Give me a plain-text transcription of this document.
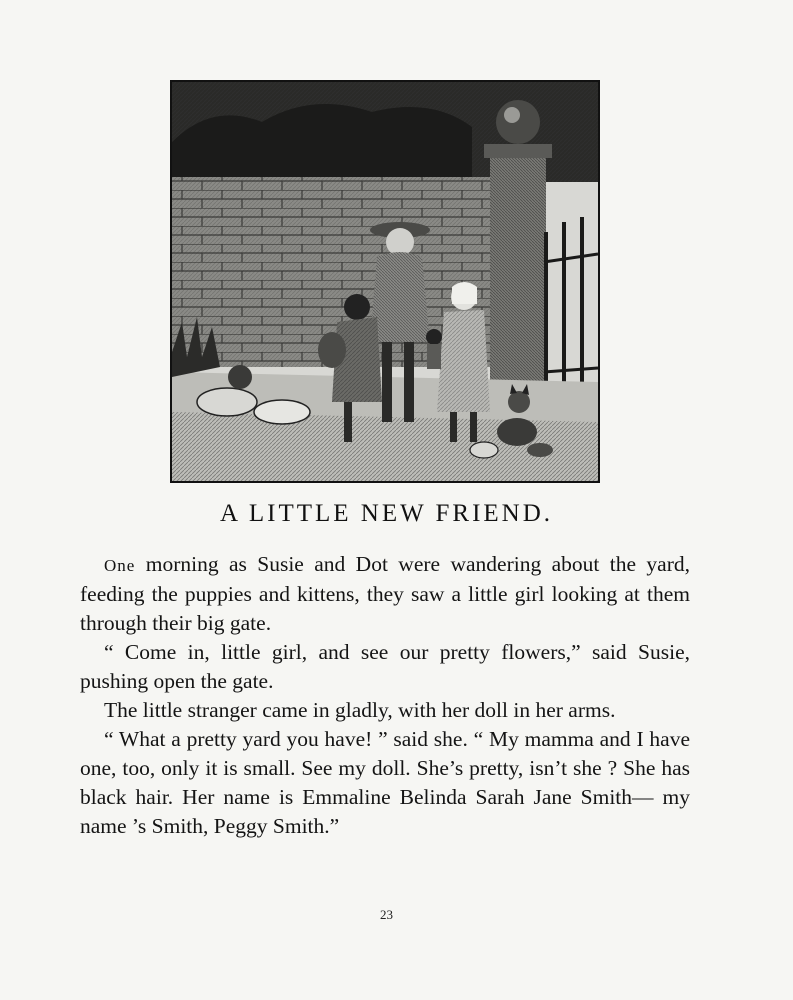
A LITTLE NEW FRIEND.

One morning as Susie and Dot were wandering about the yard, feeding the puppies and kittens, they saw a little girl looking at them through their big gate.

“ Come in, little girl, and see our pretty flowers,” said Susie, pushing open the gate.

The little stranger came in gladly, with her doll in her arms.

“ What a pretty yard you have! ” said she. “ My mamma and I have one, too, only it is small. See my doll. She’s pretty, isn’t she ? She has black hair. Her name is Emmaline Belinda Sarah Jane Smith— my name ’s Smith, Peggy Smith.”

23
